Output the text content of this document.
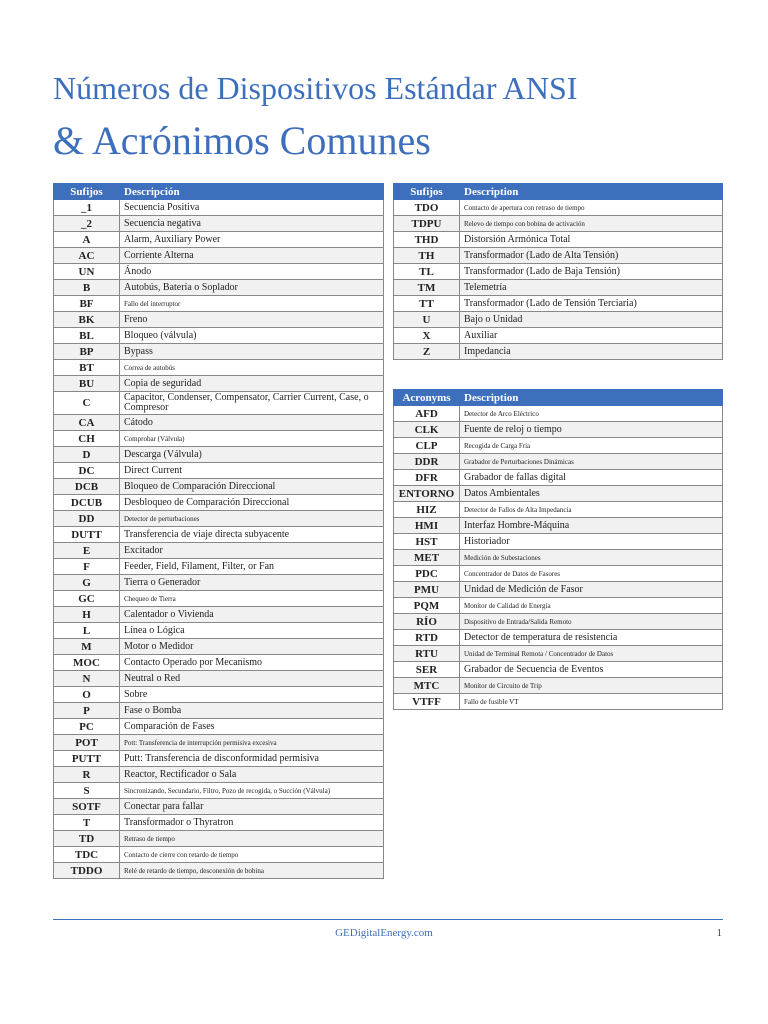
Números de Dispositivos Estándar ANSI
& Acrónimos Comunes
Sufijos	Descripción
_1	Secuencia Positiva
_2	Secuencia negativa
A	Alarm, Auxiliary Power
AC	Corriente Alterna
UN	Ánodo
B	Autobús, Batería o Soplador
BF	Fallo del interruptor
BK	Freno
BL	Bloqueo (válvula)
BP	Bypass
BT	Correa de autobús
BU	Copia de seguridad
C	Capacitor, Condenser, Compensator, Carrier Current, Case, o Compresor
CA	Cátodo
CH	Comprobar (Válvula)
D	Descarga (Válvula)
DC	Direct Current
DCB	Bloqueo de Comparación Direccional
DCUB	Desbloqueo de Comparación Direccional
DD	Detector de perturbaciones
DUTT	Transferencia de viaje directa subyacente
E	Excitador
F	Feeder, Field, Filament, Filter, or Fan
G	Tierra o Generador
GC	Chequeo de Tierra
H	Calentador o Vivienda
L	Línea o Lógica
M	Motor o Medidor
MOC	Contacto Operado por Mecanismo
N	Neutral o Red
O	Sobre
P	Fase o Bomba
PC	Comparación de Fases
POT	Pott: Transferencia de interrupción permisiva excesiva
PUTT	Putt: Transferencia de disconformidad permisiva
R	Reactor, Rectificador o Sala
S	Sincronizando, Secundario, Filtro, Pozo de recogida, o Succión (Válvula)
SOTF	Conectar para fallar
T	Transformador o Thyratron
TD	Retraso de tiempo
TDC	Contacto de cierre con retardo de tiempo
TDDO	Relé de retardo de tiempo, desconexión de bobina
Sufijos	Description
TDO	Contacto de apertura con retraso de tiempo
TDPU	Relevo de tiempo con bobina de activación
THD	Distorsión Armónica Total
TH	Transformador (Lado de Alta Tensión)
TL	Transformador (Lado de Baja Tensión)
TM	Telemetría
TT	Transformador (Lado de Tensión Terciaria)
U	Bajo o Unidad
X	Auxiliar
Z	Impedancia
Acronyms	Description
AFD	Detector de Arco Eléctrico
CLK	Fuente de reloj o tiempo
CLP	Recogida de Carga Fría
DDR	Grabador de Perturbaciones Dinámicas
DFR	Grabador de fallas digital
ENTORNO	Datos Ambientales
HIZ	Detector de Fallos de Alta Impedancia
HMI	Interfaz Hombre-Máquina
HST	Historiador
MET	Medición de Subestaciones
PDC	Concentrador de Datos de Fasores
PMU	Unidad de Medición de Fasor
PQM	Monitor de Calidad de Energía
RÍO	Dispositivo de Entrada/Salida Remoto
RTD	Detector de temperatura de resistencia
RTU	Unidad de Terminal Remota / Concentrador de Datos
SER	Grabador de Secuencia de Eventos
MTC	Monitor de Circuito de Trip
VTFF	Fallo de fusible VT
GEDigitalEnergy.com	1
